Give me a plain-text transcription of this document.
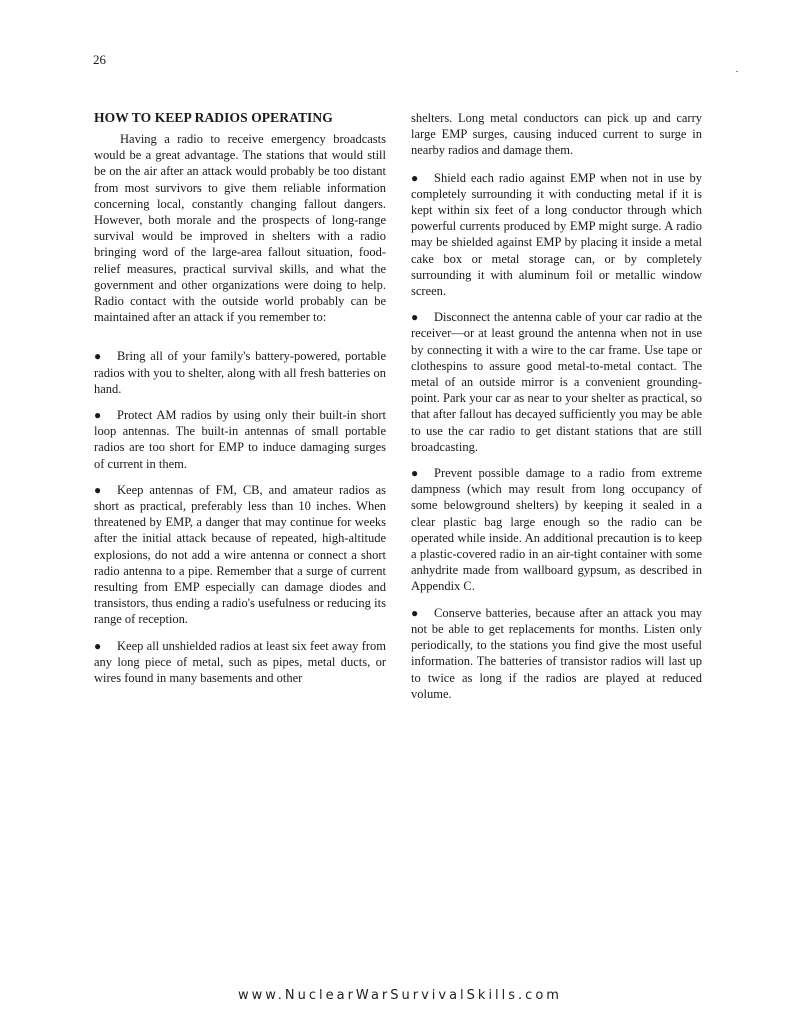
26
HOW TO KEEP RADIOS OPERATING

Having a radio to receive emergency broadcasts would be a great advantage. The stations that would still be on the air after an attack would probably be too distant from most survivors to give them reliable information concerning local, constantly changing fallout dangers. However, both morale and the prospects of long-range survival would be improved in shelters with a radio bringing word of the large-area fallout situation, food-relief measures, practical survival skills, and what the government and other organizations were doing to help. Radio contact with the outside world probably can be maintained after an attack if you remember to:

● Bring all of your family's battery-powered, portable radios with you to shelter, along with all fresh batteries on hand.

● Protect AM radios by using only their built-in short loop antennas. The built-in antennas of small portable radios are too short for EMP to induce damaging surges of current in them.

● Keep antennas of FM, CB, and amateur radios as short as practical, preferably less than 10 inches. When threatened by EMP, a danger that may continue for weeks after the initial attack because of repeated, high-altitude explosions, do not add a wire antenna or connect a short radio antenna to a pipe. Remember that a surge of current resulting from EMP especially can damage diodes and transistors, thus ending a radio's usefulness or reducing its range of reception.

● Keep all unshielded radios at least six feet away from any long piece of metal, such as pipes, metal ducts, or wires found in many basements and other

shelters. Long metal conductors can pick up and carry large EMP surges, causing induced current to surge in nearby radios and damage them.

● Shield each radio against EMP when not in use by completely surrounding it with conducting metal if it is kept within six feet of a long conductor through which powerful currents produced by EMP might surge. A radio may be shielded against EMP by placing it inside a metal cake box or metal storage can, or by completely surrounding it with aluminum foil or metallic window screen.

● Disconnect the antenna cable of your car radio at the receiver—or at least ground the antenna when not in use by connecting it with a wire to the car frame. Use tape or clothespins to assure good metal-to-metal contact. The metal of an outside mirror is a convenient grounding-point. Park your car as near to your shelter as practical, so that after fallout has decayed sufficiently you may be able to use the car radio to get distant stations that are still broadcasting.

● Prevent possible damage to a radio from extreme dampness (which may result from long occupancy of some belowground shelters) by keeping it sealed in a clear plastic bag large enough so the radio can be operated while inside. An additional precaution is to keep a plastic-covered radio in an air-tight container with some anhydrite made from wallboard gypsum, as described in Appendix C.

● Conserve batteries, because after an attack you may not be able to get replacements for months. Listen only periodically, to the stations you find give the most useful information. The batteries of transistor radios will last up to twice as long if the radios are played at reduced volume.

www.NuclearWarSurvivalSkills.com
